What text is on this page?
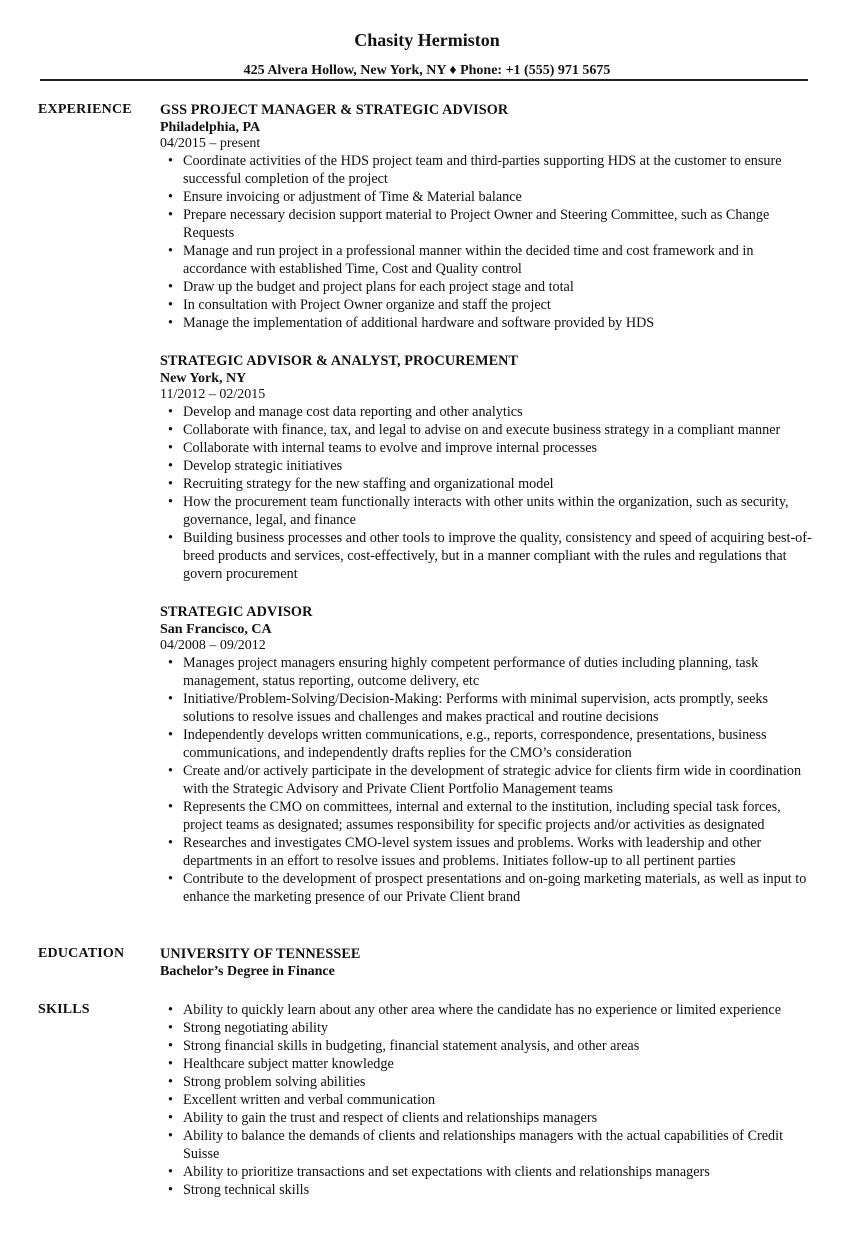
Chasity Hermiston
425 Alvera Hollow, New York, NY ♦ Phone: +1 (555) 971 5675
EXPERIENCE	GSS PROJECT MANAGER & STRATEGIC ADVISOR
Philadelphia, PA
04/2015 – present
• Coordinate activities of the HDS project team and third-parties supporting HDS at the customer to ensure successful completion of the project
• Ensure invoicing or adjustment of Time & Material balance
• Prepare necessary decision support material to Project Owner and Steering Committee, such as Change Requests
• Manage and run project in a professional manner within the decided time and cost framework and in accordance with established Time, Cost and Quality control
• Draw up the budget and project plans for each project stage and total
• In consultation with Project Owner organize and staff the project
• Manage the implementation of additional hardware and software provided by HDS
STRATEGIC ADVISOR & ANALYST, PROCUREMENT
New York, NY
11/2012 – 02/2015
• Develop and manage cost data reporting and other analytics
• Collaborate with finance, tax, and legal to advise on and execute business strategy in a compliant manner
• Collaborate with internal teams to evolve and improve internal processes
• Develop strategic initiatives
• Recruiting strategy for the new staffing and organizational model
• How the procurement team functionally interacts with other units within the organization, such as security, governance, legal, and finance
• Building business processes and other tools to improve the quality, consistency and speed of acquiring best-of-breed products and services, cost-effectively, but in a manner compliant with the rules and regulations that govern procurement
STRATEGIC ADVISOR
San Francisco, CA
04/2008 – 09/2012
• Manages project managers ensuring highly competent performance of duties including planning, task management, status reporting, outcome delivery, etc
• Initiative/Problem-Solving/Decision-Making: Performs with minimal supervision, acts promptly, seeks solutions to resolve issues and challenges and makes practical and routine decisions
• Independently develops written communications, e.g., reports, correspondence, presentations, business communications, and independently drafts replies for the CMO’s consideration
• Create and/or actively participate in the development of strategic advice for clients firm wide in coordination with the Strategic Advisory and Private Client Portfolio Management teams
• Represents the CMO on committees, internal and external to the institution, including special task forces, project teams as designated; assumes responsibility for specific projects and/or activities as designated
• Researches and investigates CMO-level system issues and problems. Works with leadership and other departments in an effort to resolve issues and problems. Initiates follow-up to all pertinent parties
• Contribute to the development of prospect presentations and on-going marketing materials, as well as input to enhance the marketing presence of our Private Client brand
EDUCATION	UNIVERSITY OF TENNESSEE
Bachelor’s Degree in Finance
SKILLS
•	Ability to quickly learn about any other area where the candidate has no experience or limited experience
• Strong negotiating ability
• Strong financial skills in budgeting, financial statement analysis, and other areas
• Healthcare subject matter knowledge
• Strong problem solving abilities
• Excellent written and verbal communication
• Ability to gain the trust and respect of clients and relationships managers
• Ability to balance the demands of clients and relationships managers with the actual capabilities of Credit Suisse
• Ability to prioritize transactions and set expectations with clients and relationships managers
• Strong technical skills
